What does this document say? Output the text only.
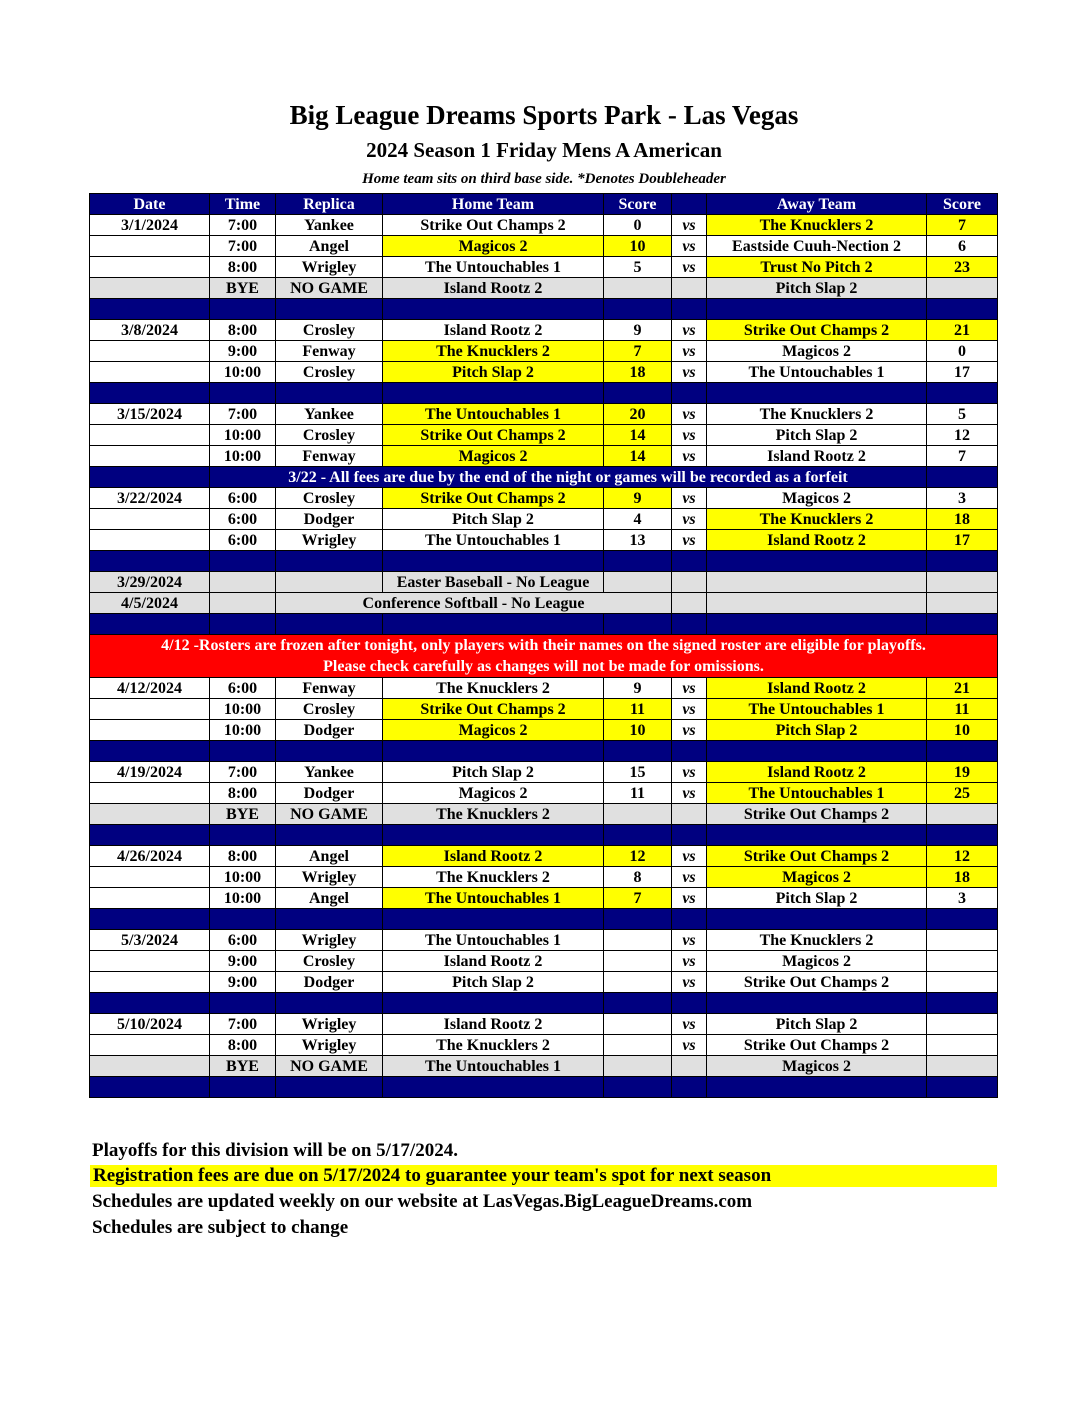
Big League Dreams Sports Park - Las Vegas
2024 Season 1 Friday Mens A American
Home team sits on third base side. *Denotes Doubleheader
Date	Time	Replica	Home Team	Score		Away Team	Score
3/1/2024	7:00	Yankee	Strike Out Champs 2	0	vs	The Knucklers 2	7
	7:00	Angel	Magicos 2	10	vs	Eastside Cuuh-Nection 2	6
	8:00	Wrigley	The Untouchables 1	5	vs	Trust No Pitch 2	23
	BYE	NO GAME	Island Rootz 2			Pitch Slap 2	

3/8/2024	8:00	Crosley	Island Rootz 2	9	vs	Strike Out Champs 2	21
	9:00	Fenway	The Knucklers 2	7	vs	Magicos 2	0
	10:00	Crosley	Pitch Slap 2	18	vs	The Untouchables 1	17

3/15/2024	7:00	Yankee	The Untouchables 1	20	vs	The Knucklers 2	5
	10:00	Crosley	Strike Out Champs 2	14	vs	Pitch Slap 2	12
	10:00	Fenway	Magicos 2	14	vs	Island Rootz 2	7
	3/22 - All fees are due by the end of the night or games will be recorded as a forfeit						
3/22/2024	6:00	Crosley	Strike Out Champs 2	9	vs	Magicos 2	3
	6:00	Dodger	Pitch Slap 2	4	vs	The Knucklers 2	18
	6:00	Wrigley	The Untouchables 1	13	vs	Island Rootz 2	17

3/29/2024			Easter Baseball - No League				
4/5/2024		Conference Softball - No League					

4/12 -Rosters are frozen after tonight, only players with their names on the signed roster are eligible for playoffs.
Please check carefully as changes will not be made for omissions.							

4/12/2024	6:00	Fenway	The Knucklers 2	9	vs	Island Rootz 2	21
	10:00	Crosley	Strike Out Champs 2	11	vs	The Untouchables 1	11
	10:00	Dodger	Magicos 2	10	vs	Pitch Slap 2	10

4/19/2024	7:00	Yankee	Pitch Slap 2	15	vs	Island Rootz 2	19
	8:00	Dodger	Magicos 2	11	vs	The Untouchables 1	25
	BYE	NO GAME	The Knucklers 2			Strike Out Champs 2	

4/26/2024	8:00	Angel	Island Rootz 2	12	vs	Strike Out Champs 2	12
	10:00	Wrigley	The Knucklers 2	8	vs	Magicos 2	18
	10:00	Angel	The Untouchables 1	7	vs	Pitch Slap 2	3

5/3/2024	6:00	Wrigley	The Untouchables 1		vs	The Knucklers 2	
	9:00	Crosley	Island Rootz 2		vs	Magicos 2	
	9:00	Dodger	Pitch Slap 2		vs	Strike Out Champs 2	

5/10/2024	7:00	Wrigley	Island Rootz 2		vs	Pitch Slap 2	
	8:00	Wrigley	The Knucklers 2		vs	Strike Out Champs 2	
	BYE	NO GAME	The Untouchables 1			Magicos 2	

Playoffs for this division will be on 5/17/2024.
Registration fees are due on 5/17/2024 to guarantee your team's spot for next season
Schedules are updated weekly on our website at LasVegas.BigLeagueDreams.com
Schedules are subject to change
